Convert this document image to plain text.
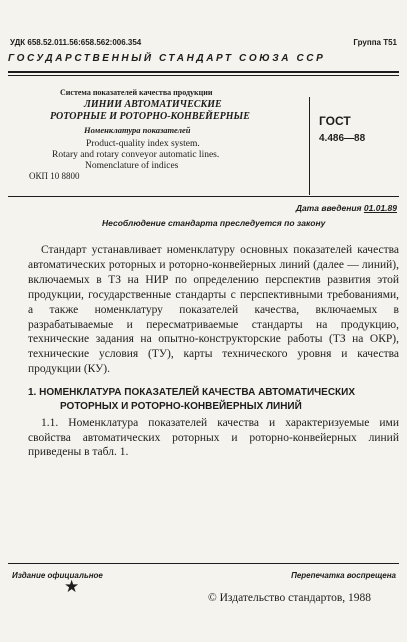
УДК 658.52.011.56:658.562:006.354	Группа Т51
ГОСУДАРСТВЕННЫЙ СТАНДАРТ СОЮЗА ССР
Система показателей качества продукции
ЛИНИИ АВТОМАТИЧЕСКИЕ
РОТОРНЫЕ И РОТОРНО-КОНВЕЙЕРНЫЕ
Номенклатура показателей
Product-quality index system.
Rotary and rotary conveyor automatic lines.
Nomenclature of indices
ОКП 10 8800
ГОСТ
4.486—88
Дата введения 01.01.89
Несоблюдение стандарта преследуется по закону

Стандарт устанавливает номенклатуру основных показателей качества автоматических роторных и роторно-конвейерных линий (далее — линий), включаемых в ТЗ на НИР по определению перспектив развития этой продукции, государственные стандарты с перспективными требованиями, а также номенклатуру показателей качества, включаемых в разрабатываемые и пересматриваемые стандарты на продукцию, технические задания на опытно-конструкторские работы (ТЗ на ОКР), технические условия (ТУ), карты технического уровня и качества продукции (КУ).

1. НОМЕНКЛАТУРА ПОКАЗАТЕЛЕЙ КАЧЕСТВА АВТОМАТИЧЕСКИХ
РОТОРНЫХ И РОТОРНО-КОНВЕЙЕРНЫХ ЛИНИЙ

1.1. Номенклатура показателей качества и характеризуемые ими свойства автоматических роторных и роторно-конвейерных линий приведены в табл. 1.

Издание официальное	Перепечатка воспрещена
★
© Издательство стандартов, 1988
